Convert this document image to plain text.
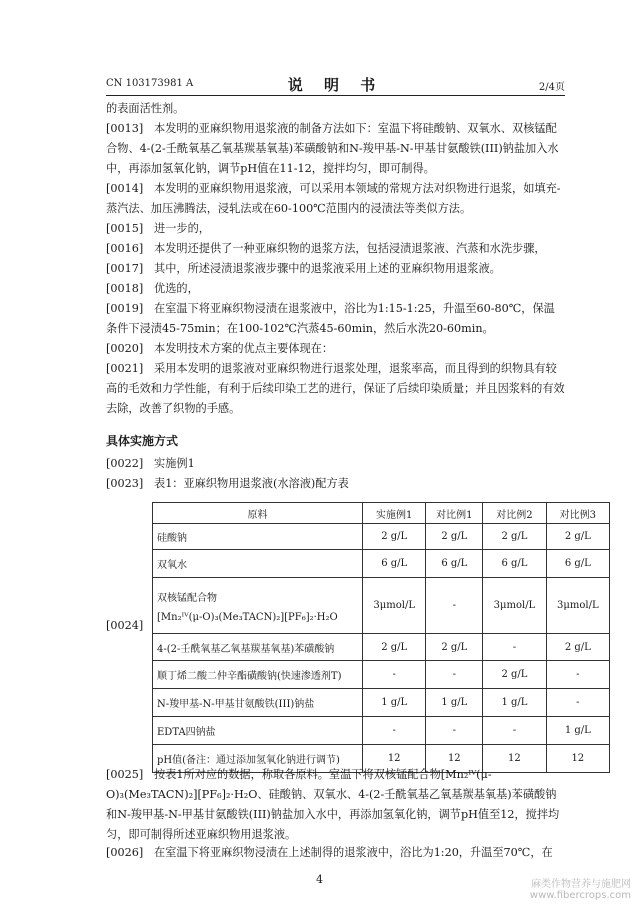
CN 103173981 A	说 明 书	2/4页
的表面活性剂。
[0013] 本发明的亚麻织物用退浆液的制备方法如下：室温下将硅酸钠、双氧水、双核锰配合物、4-(2-壬酰氧基乙氧基羰基氧基)苯磺酸钠和N-羧甲基-N-甲基甘氨酸铁(III)钠盐加入水中，再添加氢氧化钠，调节pH值在11-12，搅拌均匀，即可制得。
[0014] 本发明的亚麻织物用退浆液，可以采用本领域的常规方法对织物进行退浆，如填充-蒸汽法、加压沸腾法，浸轧法或在60-100℃范围内的浸渍法等类似方法。
[0015] 进一步的，
[0016] 本发明还提供了一种亚麻织物的退浆方法，包括浸渍退浆液、汽蒸和水洗步骤，
[0017] 其中，所述浸渍退浆液步骤中的退浆液采用上述的亚麻织物用退浆液。
[0018] 优选的，
[0019] 在室温下将亚麻织物浸渍在退浆液中，浴比为1:15-1:25，升温至60-80℃，保温条件下浸渍45-75min；在100-102℃汽蒸45-60min，然后水洗20-60min。
[0020] 本发明技术方案的优点主要体现在：
[0021] 采用本发明的退浆液对亚麻织物进行退浆处理，退浆率高，而且得到的织物具有较高的毛效和力学性能，有利于后续印染工艺的进行，保证了后续印染质量；并且因浆料的有效去除，改善了织物的手感。
具体实施方式
[0022] 实施例1
[0023] 表1：亚麻织物用退浆液(水溶液)配方表
[0024]
原料	实施例1	对比例1	对比例2	对比例3
硅酸钠	2 g/L	2 g/L	2 g/L	2 g/L
双氧水	6 g/L	6 g/L	6 g/L	6 g/L

双核锰配合物
[Mn₂ᴵⱽ(μ-O)₃(Me₃TACN)₂][PF₆]₂·H₂O	3μmol/L	-	3μmol/L	3μmol/L
4-(2-壬酰氧基乙氧基羰基氧基)苯磺酸钠	2 g/L	2 g/L	-	2 g/L
顺丁烯二酸二仲辛酯磺酸钠(快速渗透剂T)	-	-	2 g/L	-
N-羧甲基-N-甲基甘氨酸铁(III)钠盐	1 g/L	1 g/L	1 g/L	-
EDTA四钠盐	-	-	-	1 g/L
pH值(备注：通过添加氢氧化钠进行调节)	12	12	12	12
[0025] 按表1所对应的数据，称取各原料。室温下将双核锰配合物[Mn₂ᴵⱽ(μ-O)₃(Me₃TACN)₂][PF₆]₂·H₂O、硅酸钠、双氧水、4-(2-壬酰氧基乙氧基羰基氧基)苯磺酸钠和N-羧甲基-N-甲基甘氨酸铁(III)钠盐加入水中，再添加氢氧化钠，调节pH值至12，搅拌均匀，即可制得所述亚麻织物用退浆液。
[0026] 在室温下将亚麻织物浸渍在上述制得的退浆液中，浴比为1:20，升温至70℃，在
4	麻类作物营养与施肥网
www.fibercrops.com
